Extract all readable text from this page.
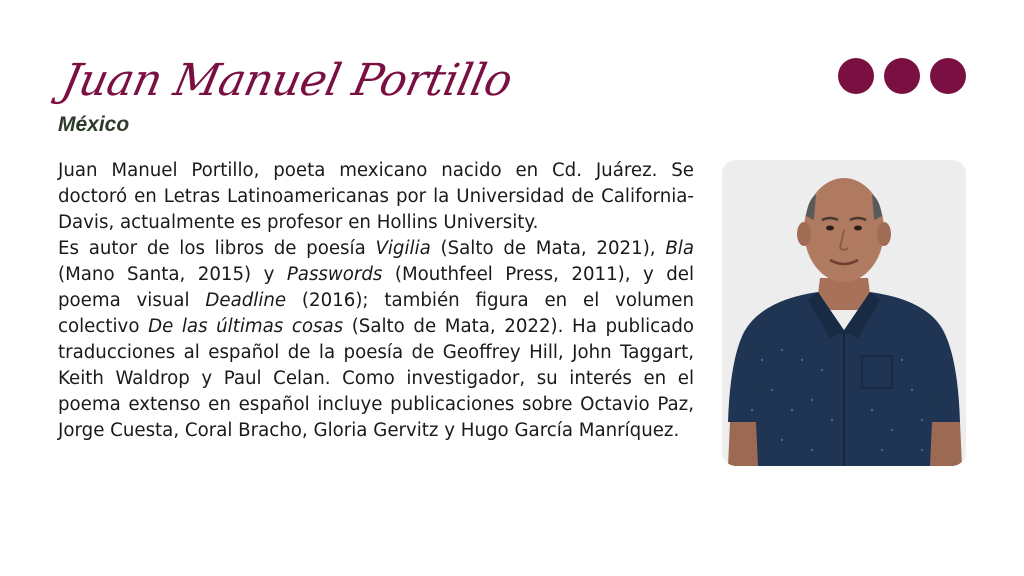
Juan Manuel Portillo
México

Juan Manuel Portillo, poeta mexicano nacido en Cd. Juárez. Se doctoró en Letras Latinoamericanas por la Universidad de California-Davis, actualmente es profesor en Hollins University.

Es autor de los libros de poesía Vigilia (Salto de Mata, 2021), Bla (Mano Santa, 2015) y Passwords (Mouthfeel Press, 2011), y del poema visual Deadline (2016); también figura en el volumen colectivo De las últimas cosas (Salto de Mata, 2022). Ha publicado traducciones al español de la poesía de Geoffrey Hill, John Taggart, Keith Waldrop y Paul Celan. Como investigador, su interés en el poema extenso en español incluye publicaciones sobre Octavio Paz, Jorge Cuesta, Coral Bracho, Gloria Gervitz y Hugo García Manríquez.
